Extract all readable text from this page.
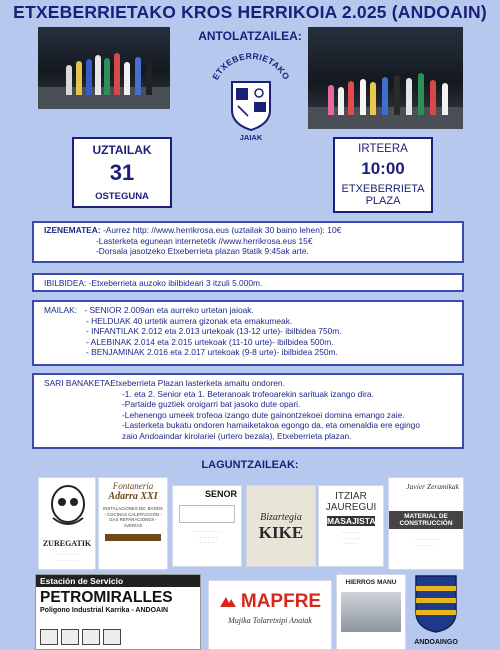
ETXEBERRIETAKO KROS HERRIKOIA 2.025 (ANDOAIN)
ANTOLATZAILEA:
ETXEBERRIETAKO
JAIAK
UZTAILAK
31
OSTEGUNA
IRTEERA
10:00
ETXEBERRIETA
PLAZA
IZENEMATEA: -Aurrez http: //www.herrikrosa.eus (uztailak 30 baino lehen): 10€
-Lasterketa egunean internetetik //www.herrikrosa.eus 15€
-Dorsala jasotzeko Etxeberrieta plazan 9tatik 9:45ak arte.
IBILBIDEA: -Etxeberrieta auzoko ibilbideari 3 itzuli 5.000m.
MAILAK: - SENIOR 2.009an eta aurreko urtetan jaioak.
- HELDUAK 40 urtetik aurrera gizonak eta emakumeak.
- INFANTILAK 2.012 eta 2.013 urtekoak (13-12 urte)- ibilbidea 750m.
- ALEBINAK 2.014 eta 2.015 urtekoak (11-10 urte)- ibilbidea 500m.
- BENJAMINAK 2.016 eta 2.017 urtekoak (9-8 urte)- ibilbidea 250m.
SARI BANAKETA: Etxeberrieta Plazan lasterketa amaitu ondoren.
-1. eta 2. Senior eta 1. Beteranoak trofeoarekin sarituak izango dira.
-Partaide guztiek oroigarri bat jasoko dute opari.
-Lehenengo umeek trofeoa izango dute gainontzekoei domina emango zaie.
-Lasterketa bukatu ondoren hamaiketakoa egongo da, eta omenaldia ere egingo
zaio Andoaindar kirolariei (urtero bezala), Etxeberrieta plazan.
LAGUNTZAILEAK:
ZUREGATIK
· · · · · · · · · ·
· · · · · · · ·
Fontanería
Adarra XXI
INSTALACIONES DE: BAÑOS - COCINAS CALEFACCIÓN - GAS REPARACIONES - AVERÍAS
SENOR
· · · · · · · · · · ·
· · · · · · · ·
· · · · · ·
Bizartegia
KIKE
ITZIAR
JAUREGUI
MASAJISTA
· · · · · · ·
· · · · · · ·
· · · · ·
Javier Zeramikak
MATERIAL DE CONSTRUCCIÓN
· · · · · · · · · ·
· · · · · · ·
Estación de Servicio
PETROMIRALLES
Polígono Industrial Karrika - ANDOAIN	MAPFRE
Mujika Tolaretxipi Anaiak
HIERROS MANU
ANDOAINGO
